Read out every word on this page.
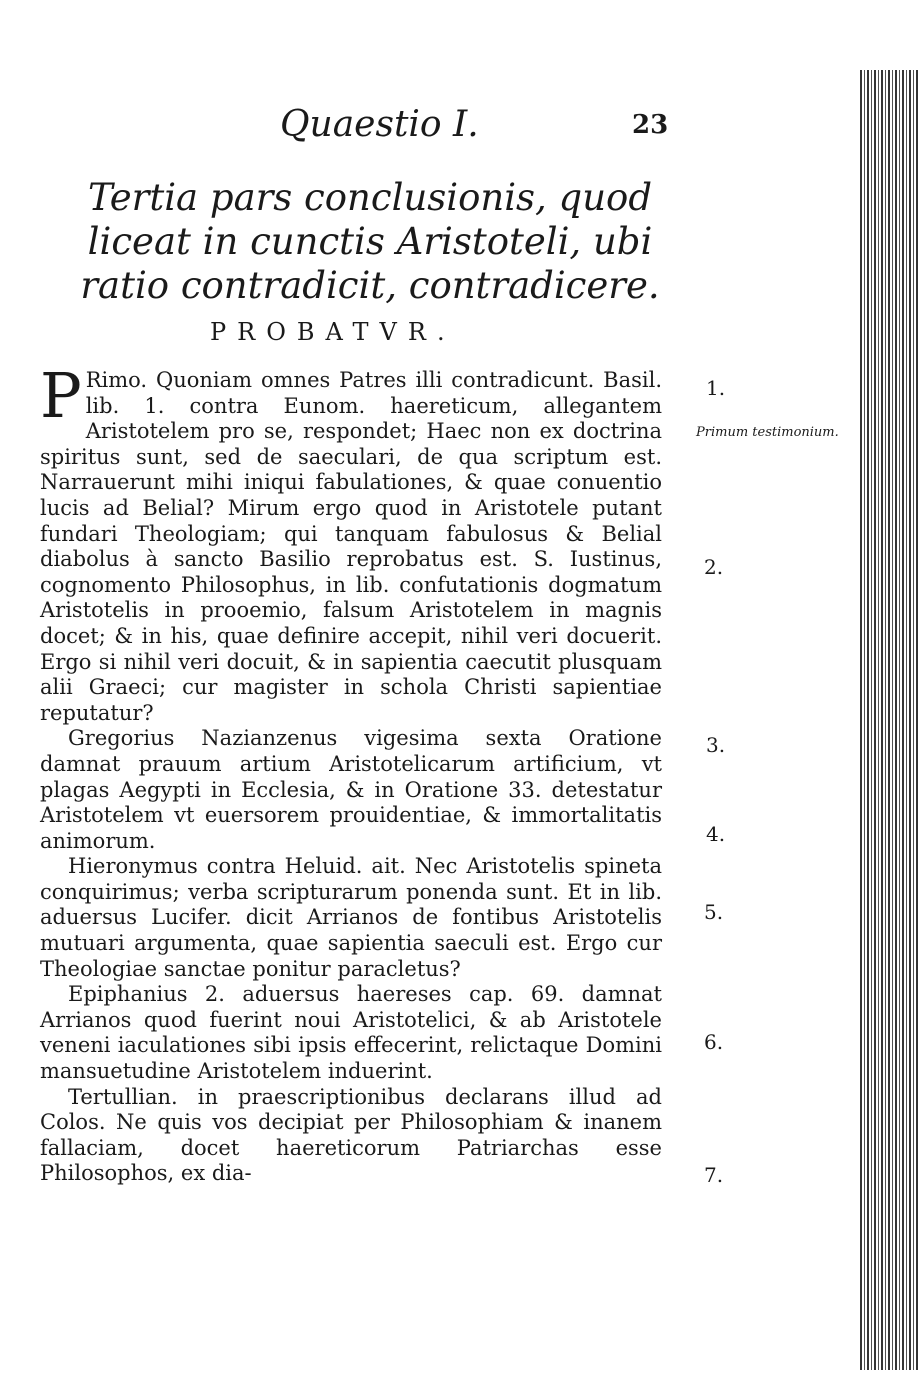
Quaestio I.	23
Tertia pars conclusionis, quod liceat in cunctis Aristoteli, ubi ratio contradicit, contradicere.
PROBATVR.

P Rimo. Quoniam omnes Patres illi contradicunt. Basil. lib. 1. contra Eunom. haereticum, allegantem Aristotelem pro se, respondet; Haec non ex doctrina spiritus sunt, sed de saeculari, de qua scriptum est. Narrauerunt mihi iniqui fabulationes, & quae conuentio lucis ad Belial? Mirum ergo quod in Aristotele putant fundari Theologiam; qui tanquam fabulosus & Belial diabolus à sancto Basilio reprobatus est. S. Iustinus, cognomento Philosophus, in lib. confutationis dogmatum Aristotelis in prooemio, falsum Aristotelem in magnis docet; & in his, quae definire accepit, nihil veri docuerit. Ergo si nihil veri docuit, & in sapientia caecutit plusquam alii Graeci; cur magister in schola Christi sapientiae reputatur?

Gregorius Nazianzenus vigesima sexta Oratione damnat prauum artium Aristotelicarum artificium, vt plagas Aegypti in Ecclesia, & in Oratione 33. detestatur Aristotelem vt euersorem prouidentiae, & immortalitatis animorum.

Hieronymus contra Heluid. ait. Nec Aristotelis spineta conquirimus; verba scripturarum ponenda sunt. Et in lib. aduersus Lucifer. dicit Arrianos de fontibus Aristotelis mutuari argumenta, quae sapientia saeculi est. Ergo cur Theologiae sanctae ponitur paracletus?

Epiphanius 2. aduersus haereses cap. 69. damnat Arrianos quod fuerint noui Aristotelici, & ab Aristotele veneni iaculationes sibi ipsis effecerint, relictaque Domini mansuetudine Aristotelem induerint.

Tertullian. in praescriptionibus declarans illud ad Colos. Ne quis vos decipiat per Philosophiam & inanem fallaciam, docet haereticorum Patriarchas esse Philosophos, ex dia-

Primum testimonium.
1.
2.
3.
4.
5.
6.
7.
